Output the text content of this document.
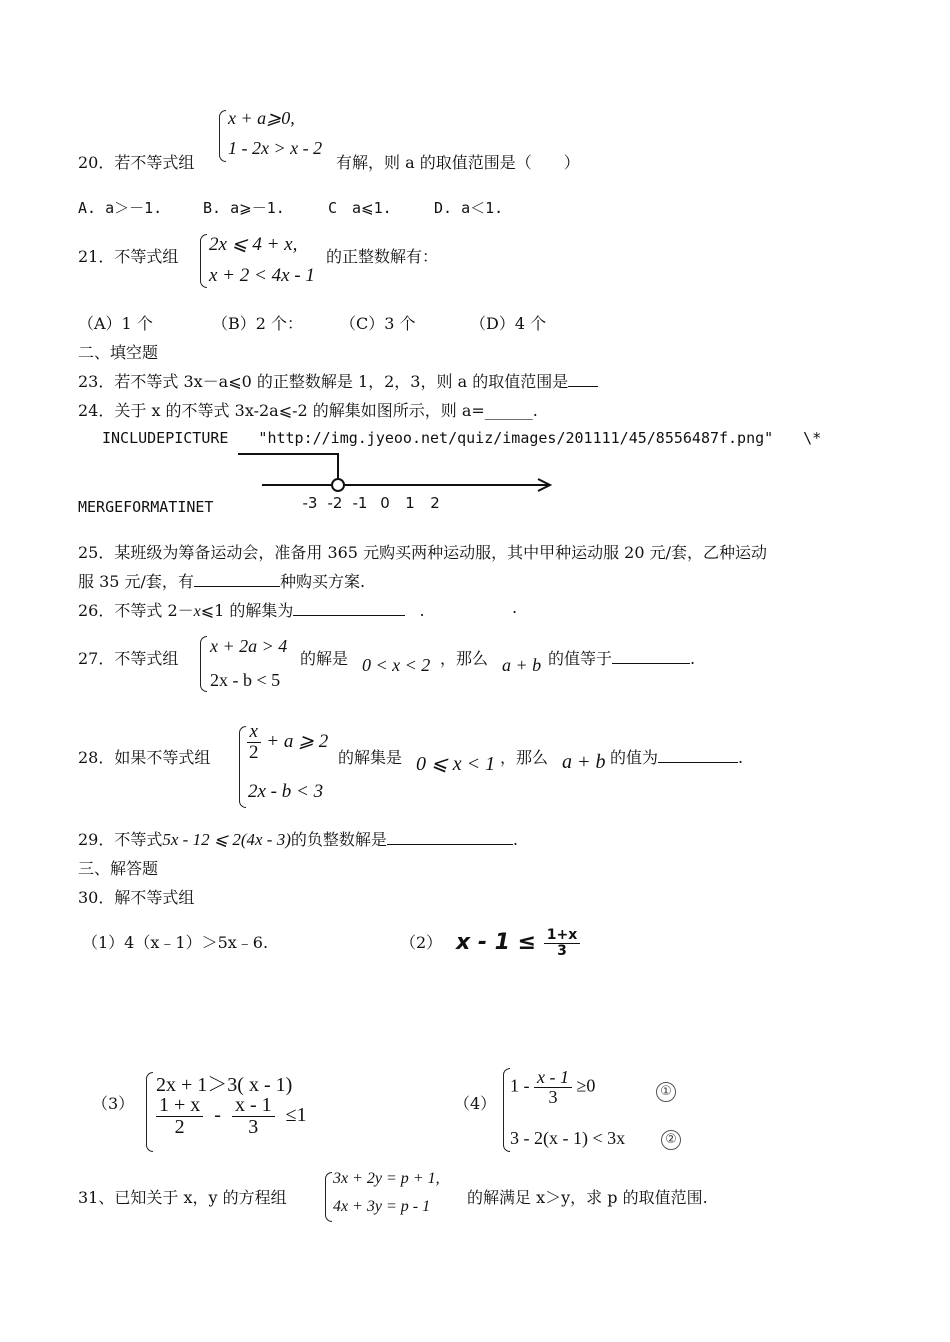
x + a⩾0,
1 - 2x > x - 2
20．若不等式组	有解，则 a 的取值范围是（　　）
A. a＞－1.	B. a⩾－1.	C　a⩽1.	D. a＜1.
21．不等式组
2x ⩽ 4 + x,
x + 2 < 4x - 1
的正整数解有：
（A）1 个	（B）2 个： （C）3 个	（D）4 个
二、填空题
23．若不等式 3x－a⩽0 的正整数解是 1，2，3，则 a 的取值范围是
24．关于 x 的不等式 3x-2a⩽-2 的解集如图所示，则 a=______.
INCLUDEPICTURE　　"http://img.jyeoo.net/quiz/images/201111/45/8556487f.png"　　\*
-3 -2 -1 0 1 2
MERGEFORMATINET
25．某班级为筹备运动会，准备用 365 元购买两种运动服，其中甲种运动服 20 元/套，乙种运动
服 35 元/套，有	种购买方案.
26．不等式 2－x⩽1 的解集为	.	.
27．不等式组
x + 2a > 4
2x - b < 5
的解是 0 < x < 2 ，那么 a + b 的值等于	.
28．如果不等式组 $\frac{x}{2} + a$ ⩾ 2
2x - b < 3
的解集是 0 ⩽ x < 1 ，那么 a + b 的值为	.
29．不等式5x - 12 ⩽ 2(4x - 3)的负整数解是	.
三、解答题
30．解不等式组
（1）4（x﹣1）＞5x﹣6.	（2） $x - 1 \le \frac{1+x}{3}$
（3）
2x + 1＞3( x - 1)
$\frac{1 + x}{2} - \frac{x - 1}{3} \le 1$
（4）
$1 - \frac{x - 1}{3} \ge 0$
3 - 2(x - 1) < 3x
①
②
31、已知关于 x，y 的方程组
3x + 2y = p + 1,
4x + 3y = p - 1 的解满足 x＞y，求 p 的取值范围.
